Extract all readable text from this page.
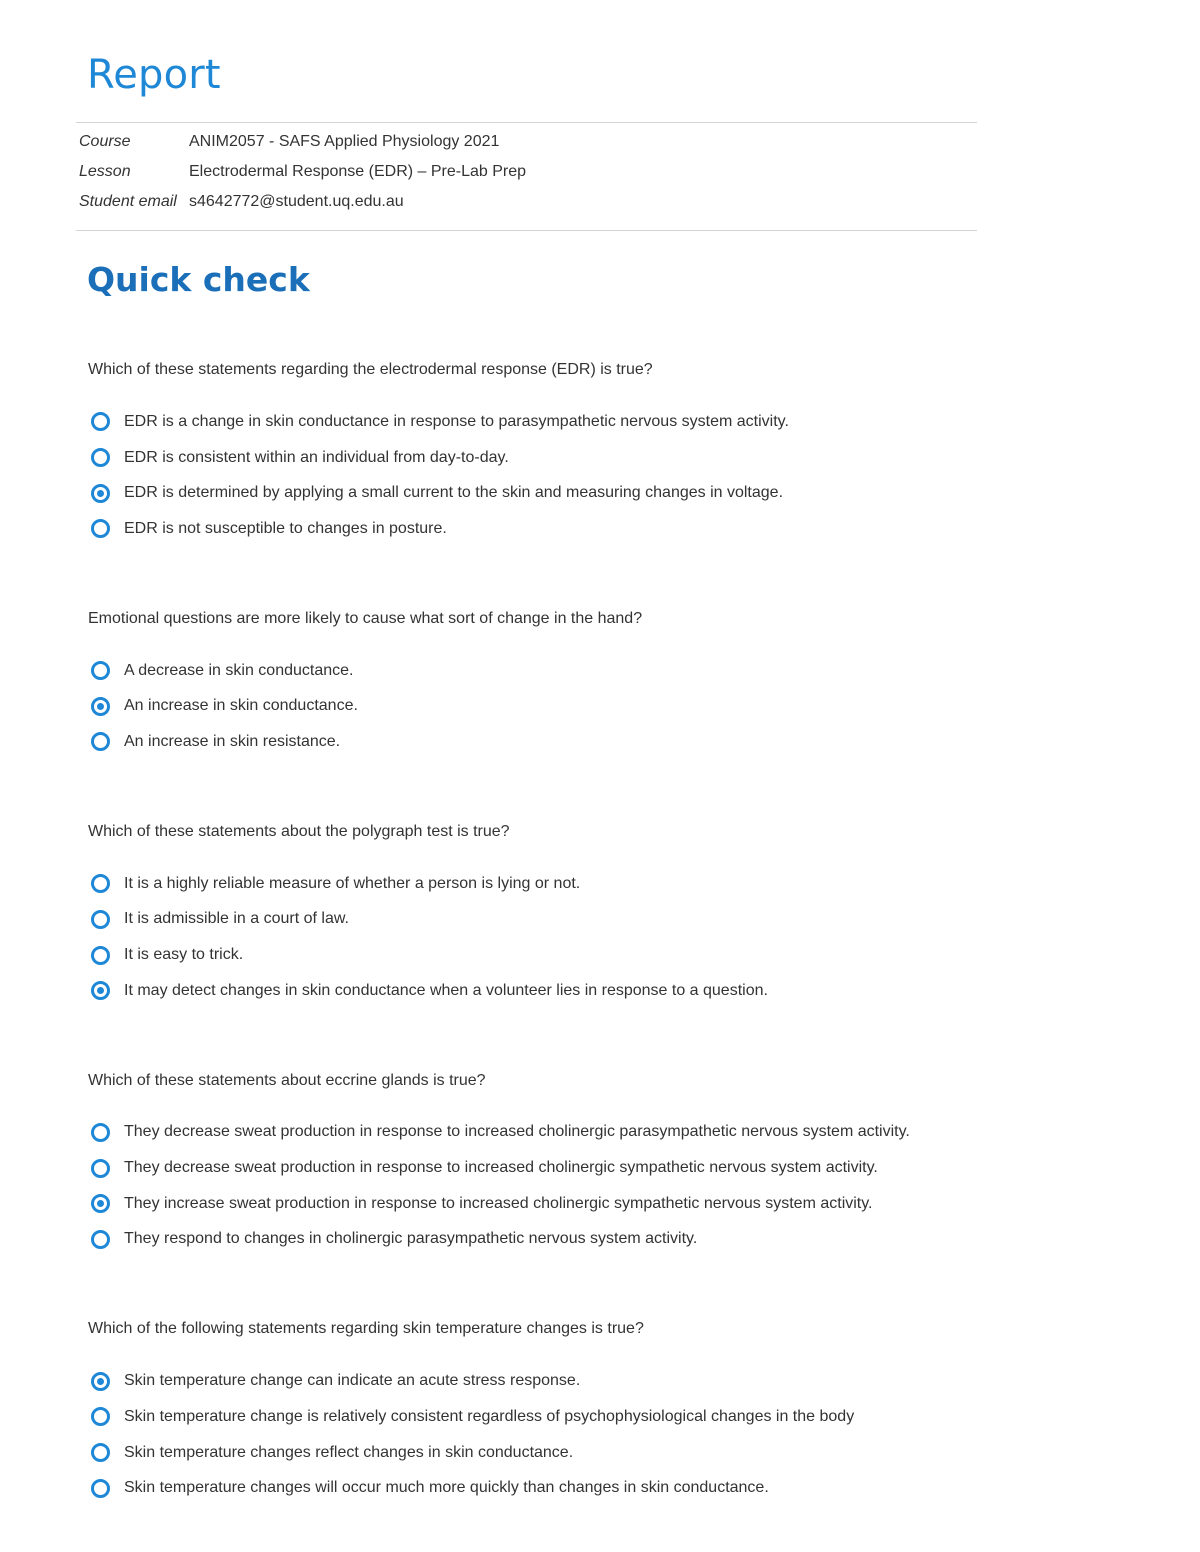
Report
Course	ANIM2057 - SAFS Applied Physiology 2021
Lesson	Electrodermal Response (EDR) – Pre-Lab Prep
Student email s4642772@student.uq.edu.au
Quick check

Which of these statements regarding the electrodermal response (EDR) is true?

EDR is a change in skin conductance in response to parasympathetic nervous system activity.
EDR is consistent within an individual from day-to-day.
EDR is determined by applying a small current to the skin and measuring changes in voltage.
EDR is not susceptible to changes in posture.

Emotional questions are more likely to cause what sort of change in the hand?

A decrease in skin conductance.
An increase in skin conductance.
An increase in skin resistance.

Which of these statements about the polygraph test is true?

It is a highly reliable measure of whether a person is lying or not.
It is admissible in a court of law.
It is easy to trick.
It may detect changes in skin conductance when a volunteer lies in response to a question.

Which of these statements about eccrine glands is true?

They decrease sweat production in response to increased cholinergic parasympathetic nervous system activity.
They decrease sweat production in response to increased cholinergic sympathetic nervous system activity.
They increase sweat production in response to increased cholinergic sympathetic nervous system activity.
They respond to changes in cholinergic parasympathetic nervous system activity.

Which of the following statements regarding skin temperature changes is true?

Skin temperature change can indicate an acute stress response.
Skin temperature change is relatively consistent regardless of psychophysiological changes in the body
Skin temperature changes reflect changes in skin conductance.
Skin temperature changes will occur much more quickly than changes in skin conductance.
